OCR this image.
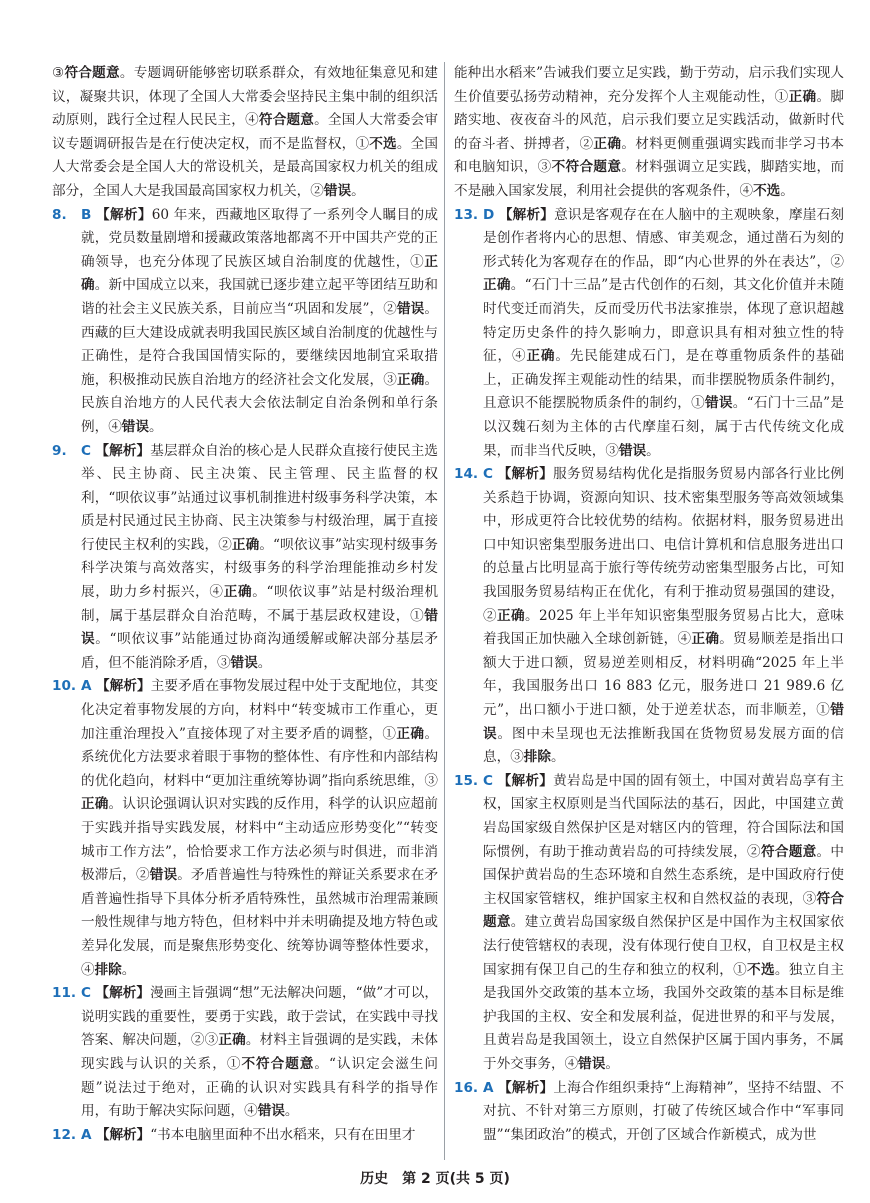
③符合题意。专题调研能够密切联系群众，有效地征集意见和建议，凝聚共识，体现了全国人大常委会坚持民主集中制的组织活动原则，践行全过程人民民主，④符合题意。全国人大常委会审议专题调研报告是在行使决定权，而不是监督权，①不选。全国人大常委会是全国人大的常设机关，是最高国家权力机关的组成部分，全国人大是我国最高国家权力机关，②错误。

8. B 【解析】60 年来，西藏地区取得了一系列令人瞩目的成就，党员数量剧增和援藏政策落地都离不开中国共产党的正确领导，也充分体现了民族区域自治制度的优越性，①正确。新中国成立以来，我国就已逐步建立起平等团结互助和谐的社会主义民族关系，目前应当“巩固和发展”，②错误。西藏的巨大建设成就表明我国民族区域自治制度的优越性与正确性，是符合我国国情实际的，要继续因地制宜采取措施，积极推动民族自治地方的经济社会文化发展，③正确。民族自治地方的人民代表大会依法制定自治条例和单行条例，④错误。

9. C 【解析】基层群众自治的核心是人民群众直接行使民主选举、民主协商、民主决策、民主管理、民主监督的权利，“呗依议事”站通过议事机制推进村级事务科学决策，本质是村民通过民主协商、民主决策参与村级治理，属于直接行使民主权利的实践，②正确。“呗依议事”站实现村级事务科学决策与高效落实，村级事务的科学治理能推动乡村发展，助力乡村振兴，④正确。“呗依议事”站是村级治理机制，属于基层群众自治范畴，不属于基层政权建设，①错误。“呗依议事”站能通过协商沟通缓解或解决部分基层矛盾，但不能消除矛盾，③错误。

10. A 【解析】主要矛盾在事物发展过程中处于支配地位，其变化决定着事物发展的方向，材料中“转变城市工作重心，更加注重治理投入”直接体现了对主要矛盾的调整，①正确。系统优化方法要求着眼于事物的整体性、有序性和内部结构的优化趋向，材料中“更加注重统筹协调”指向系统思维，③正确。认识论强调认识对实践的反作用，科学的认识应超前于实践并指导实践发展，材料中“主动适应形势变化”“转变城市工作方法”，恰恰要求工作方法必须与时俱进，而非消极滞后，②错误。矛盾普遍性与特殊性的辩证关系要求在矛盾普遍性指导下具体分析矛盾特殊性，虽然城市治理需兼顾一般性规律与地方特色，但材料中并未明确提及地方特色或差异化发展，而是聚焦形势变化、统筹协调等整体性要求，④排除。

11. C 【解析】漫画主旨强调“想”无法解决问题，“做”才可以，说明实践的重要性，要勇于实践，敢于尝试，在实践中寻找答案、解决问题，②③正确。材料主旨强调的是实践，未体现实践与认识的关系，①不符合题意。“认识定会滋生问题”说法过于绝对，正确的认识对实践具有科学的指导作用，有助于解决实际问题，④错误。

12. A 【解析】“书本电脑里面种不出水稻来，只有在田里才

能种出水稻来”告诫我们要立足实践，勤于劳动，启示我们实现人生价值要弘扬劳动精神，充分发挥个人主观能动性，①正确。脚踏实地、夜夜奋斗的风范，启示我们要立足实践活动，做新时代的奋斗者、拼搏者，②正确。材料更侧重强调实践而非学习书本和电脑知识，③不符合题意。材料强调立足实践，脚踏实地，而不是融入国家发展，利用社会提供的客观条件，④不选。

13. D 【解析】意识是客观存在在人脑中的主观映象，摩崖石刻是创作者将内心的思想、情感、审美观念，通过凿石为刻的形式转化为客观存在的作品，即“内心世界的外在表达”，②正确。“石门十三品”是古代创作的石刻，其文化价值并未随时代变迁而消失，反而受历代书法家推崇，体现了意识超越特定历史条件的持久影响力，即意识具有相对独立性的特征，④正确。先民能建成石门，是在尊重物质条件的基础上，正确发挥主观能动性的结果，而非摆脱物质条件制约，且意识不能摆脱物质条件的制约，①错误。“石门十三品”是以汉魏石刻为主体的古代摩崖石刻，属于古代传统文化成果，而非当代反映，③错误。

14. C 【解析】服务贸易结构优化是指服务贸易内部各行业比例关系趋于协调，资源向知识、技术密集型服务等高效领域集中，形成更符合比较优势的结构。依据材料，服务贸易进出口中知识密集型服务进出口、电信计算机和信息服务进出口的总量占比明显高于旅行等传统劳动密集型服务占比，可知我国服务贸易结构正在优化，有利于推动贸易强国的建设，②正确。2025 年上半年知识密集型服务贸易占比大，意味着我国正加快融入全球创新链，④正确。贸易顺差是指出口额大于进口额，贸易逆差则相反，材料明确“2025 年上半年，我国服务出口 16 883 亿元，服务进口 21 989.6 亿元”，出口额小于进口额，处于逆差状态，而非顺差，①错误。图中未呈现也无法推断我国在货物贸易发展方面的信息，③排除。

15. C 【解析】黄岩岛是中国的固有领土，中国对黄岩岛享有主权，国家主权原则是当代国际法的基石，因此，中国建立黄岩岛国家级自然保护区是对辖区内的管理，符合国际法和国际惯例，有助于推动黄岩岛的可持续发展，②符合题意。中国保护黄岩岛的生态环境和自然生态系统，是中国政府行使主权国家管辖权，维护国家主权和自然权益的表现，③符合题意。建立黄岩岛国家级自然保护区是中国作为主权国家依法行使管辖权的表现，没有体现行使自卫权，自卫权是主权国家拥有保卫自己的生存和独立的权利，①不选。独立自主是我国外交政策的基本立场，我国外交政策的基本目标是维护我国的主权、安全和发展利益，促进世界的和平与发展，且黄岩岛是我国领土，设立自然保护区属于国内事务，不属于外交事务，④错误。

16. A 【解析】上海合作组织秉持“上海精神”，坚持不结盟、不对抗、不针对第三方原则，打破了传统区域合作中“军事同盟”“集团政治”的模式，开创了区域合作新模式，成为世

历史　第 2 页(共 5 页)
